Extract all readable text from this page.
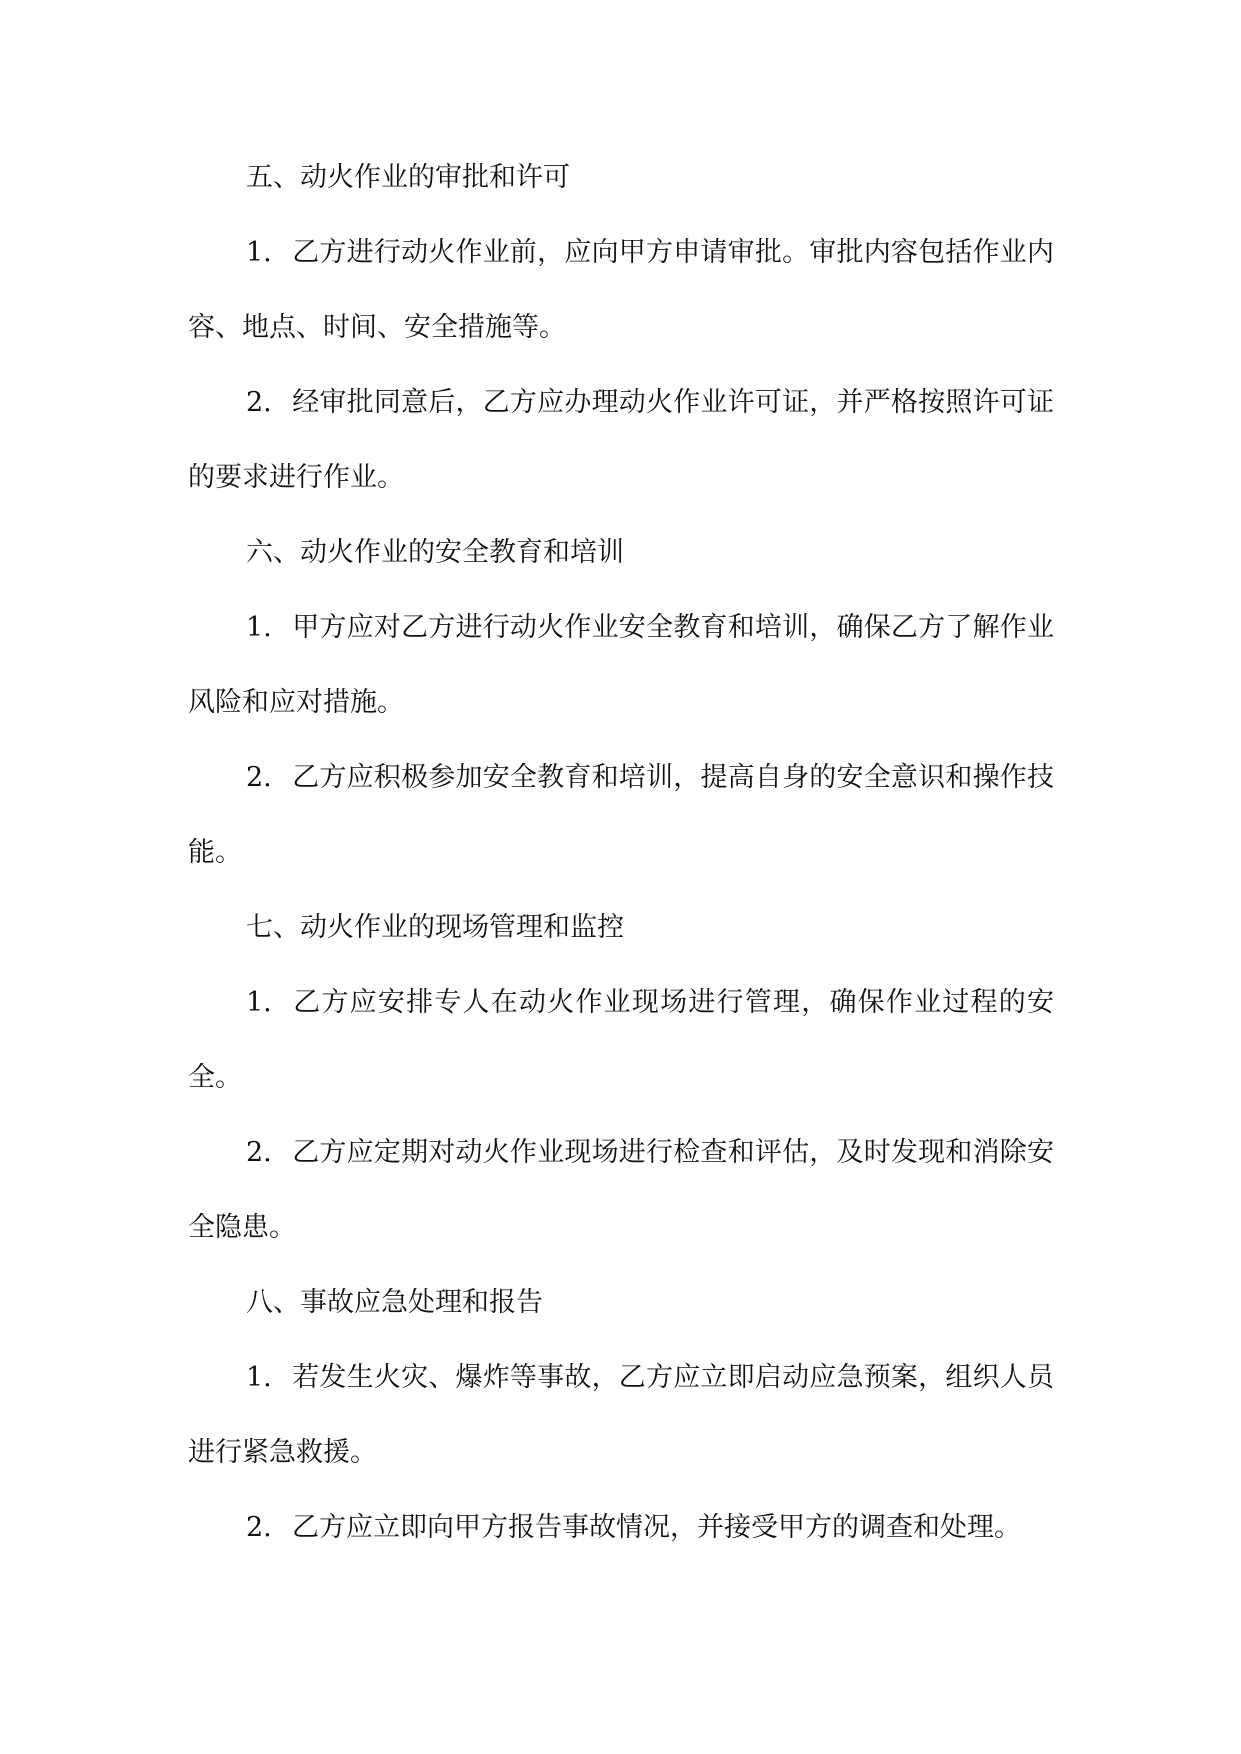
五、动火作业的审批和许可

1. 乙方进行动火作业前，应向甲方申请审批。审批内容包括作业内容、地点、时间、安全措施等。

2. 经审批同意后，乙方应办理动火作业许可证，并严格按照许可证的要求进行作业。

六、动火作业的安全教育和培训

1. 甲方应对乙方进行动火作业安全教育和培训，确保乙方了解作业风险和应对措施。

2. 乙方应积极参加安全教育和培训，提高自身的安全意识和操作技能。

七、动火作业的现场管理和监控

1. 乙方应安排专人在动火作业现场进行管理，确保作业过程的安全。

2. 乙方应定期对动火作业现场进行检查和评估，及时发现和消除安全隐患。

八、事故应急处理和报告

1. 若发生火灾、爆炸等事故，乙方应立即启动应急预案，组织人员进行紧急救援。

2. 乙方应立即向甲方报告事故情况，并接受甲方的调查和处理。
